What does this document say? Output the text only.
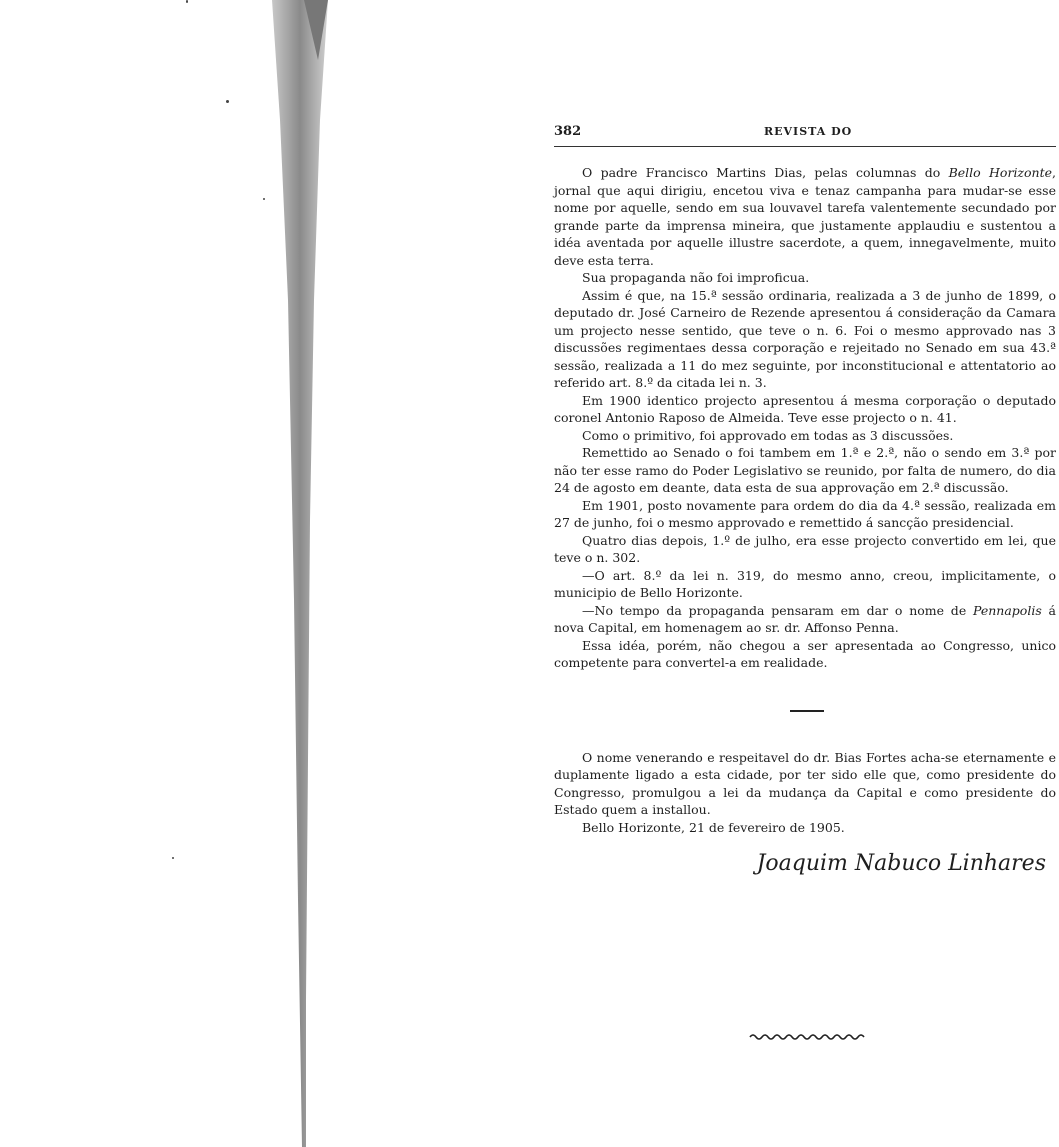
382	REVISTA DO

O padre Francisco Martins Dias, pelas columnas do Bello Horizonte, jornal que aqui dirigiu, encetou viva e tenaz campanha para mudar-se esse nome por aquelle, sendo em sua louvavel tarefa valentemente secundado por grande parte da imprensa mineira, que justamente applaudiu e sustentou a idéa aventada por aquelle illustre sacerdote, a quem, innegavelmente, muito deve esta terra.

Sua propaganda não foi improficua.

Assim é que, na 15.ª sessão ordinaria, realizada a 3 de junho de 1899, o deputado dr. José Carneiro de Rezende apresentou á consideração da Camara um projecto nesse sentido, que teve o n. 6. Foi o mesmo approvado nas 3 discussões regimentaes dessa corporação e rejeitado no Senado em sua 43.ª sessão, realizada a 11 do mez seguinte, por inconstitucional e attentatorio ao referido art. 8.º da citada lei n. 3.

Em 1900 identico projecto apresentou á mesma corporação o deputado coronel Antonio Raposo de Almeida. Teve esse projecto o n. 41.

Como o primitivo, foi approvado em todas as 3 discussões.

Remettido ao Senado o foi tambem em 1.ª e 2.ª, não o sendo em 3.ª por não ter esse ramo do Poder Legislativo se reunido, por falta de numero, do dia 24 de agosto em deante, data esta de sua approvação em 2.ª discussão.

Em 1901, posto novamente para ordem do dia da 4.ª sessão, realizada em 27 de junho, foi o mesmo approvado e remettido á sancção presidencial.

Quatro dias depois, 1.º de julho, era esse projecto convertido em lei, que teve o n. 302.

—O art. 8.º da lei n. 319, do mesmo anno, creou, implicitamente, o municipio de Bello Horizonte.

—No tempo da propaganda pensaram em dar o nome de Pennapolis á nova Capital, em homenagem ao sr. dr. Affonso Penna.

Essa idéa, porém, não chegou a ser apresentada ao Congresso, unico competente para convertel-a em realidade.

O nome venerando e respeitavel do dr. Bias Fortes acha-se eternamente e duplamente ligado a esta cidade, por ter sido elle que, como presidente do Congresso, promulgou a lei da mudança da Capital e como presidente do Estado quem a installou.

Bello Horizonte, 21 de fevereiro de 1905.

Joaquim Nabuco Linhares
